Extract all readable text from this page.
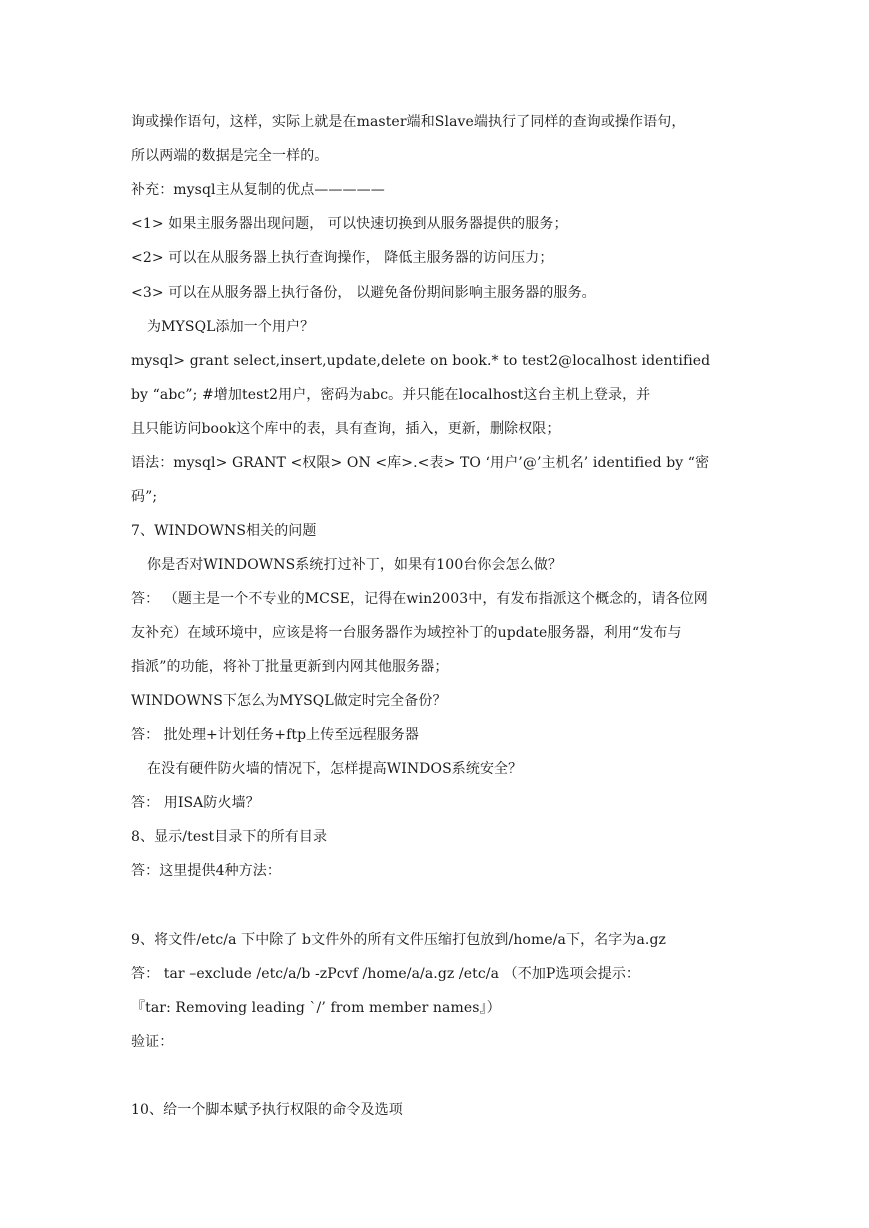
询或操作语句，这样，实际上就是在master端和Slave端执行了同样的查询或操作语句，
所以两端的数据是完全一样的。
补充：mysql主从复制的优点—————
<1> 如果主服务器出现问题， 可以快速切换到从服务器提供的服务；
<2> 可以在从服务器上执行查询操作， 降低主服务器的访问压力；
<3> 可以在从服务器上执行备份， 以避免备份期间影响主服务器的服务。
为MYSQL添加一个用户？
mysql> grant select,insert,update,delete on book.* to test2@localhost identified
by “abc”; #增加test2用户，密码为abc。并只能在localhost这台主机上登录，并
且只能访问book这个库中的表，具有查询，插入，更新，删除权限；
语法：mysql> GRANT <权限> ON <库>.<表> TO ‘用户’@’主机名’ identified by “密
码”;
7、WINDOWNS相关的问题
你是否对WINDOWNS系统打过补丁，如果有100台你会怎么做？
答： （题主是一个不专业的MCSE，记得在win2003中，有发布指派这个概念的，请各位网
友补充）在域环境中，应该是将一台服务器作为域控补丁的update服务器，利用“发布与
指派”的功能，将补丁批量更新到内网其他服务器；
WINDOWNS下怎么为MYSQL做定时完全备份？
答： 批处理+计划任务+ftp上传至远程服务器
在没有硬件防火墙的情况下，怎样提高WINDOS系统安全？
答： 用ISA防火墙？
8、显示/test目录下的所有目录
答：这里提供4种方法：
9、将文件/etc/a 下中除了 b文件外的所有文件压缩打包放到/home/a下，名字为a.gz
答： tar –exclude /etc/a/b -zPcvf /home/a/a.gz /etc/a （不加P选项会提示：
『tar: Removing leading `/’ from member names』）
验证：
10、给一个脚本赋予执行权限的命令及选项
